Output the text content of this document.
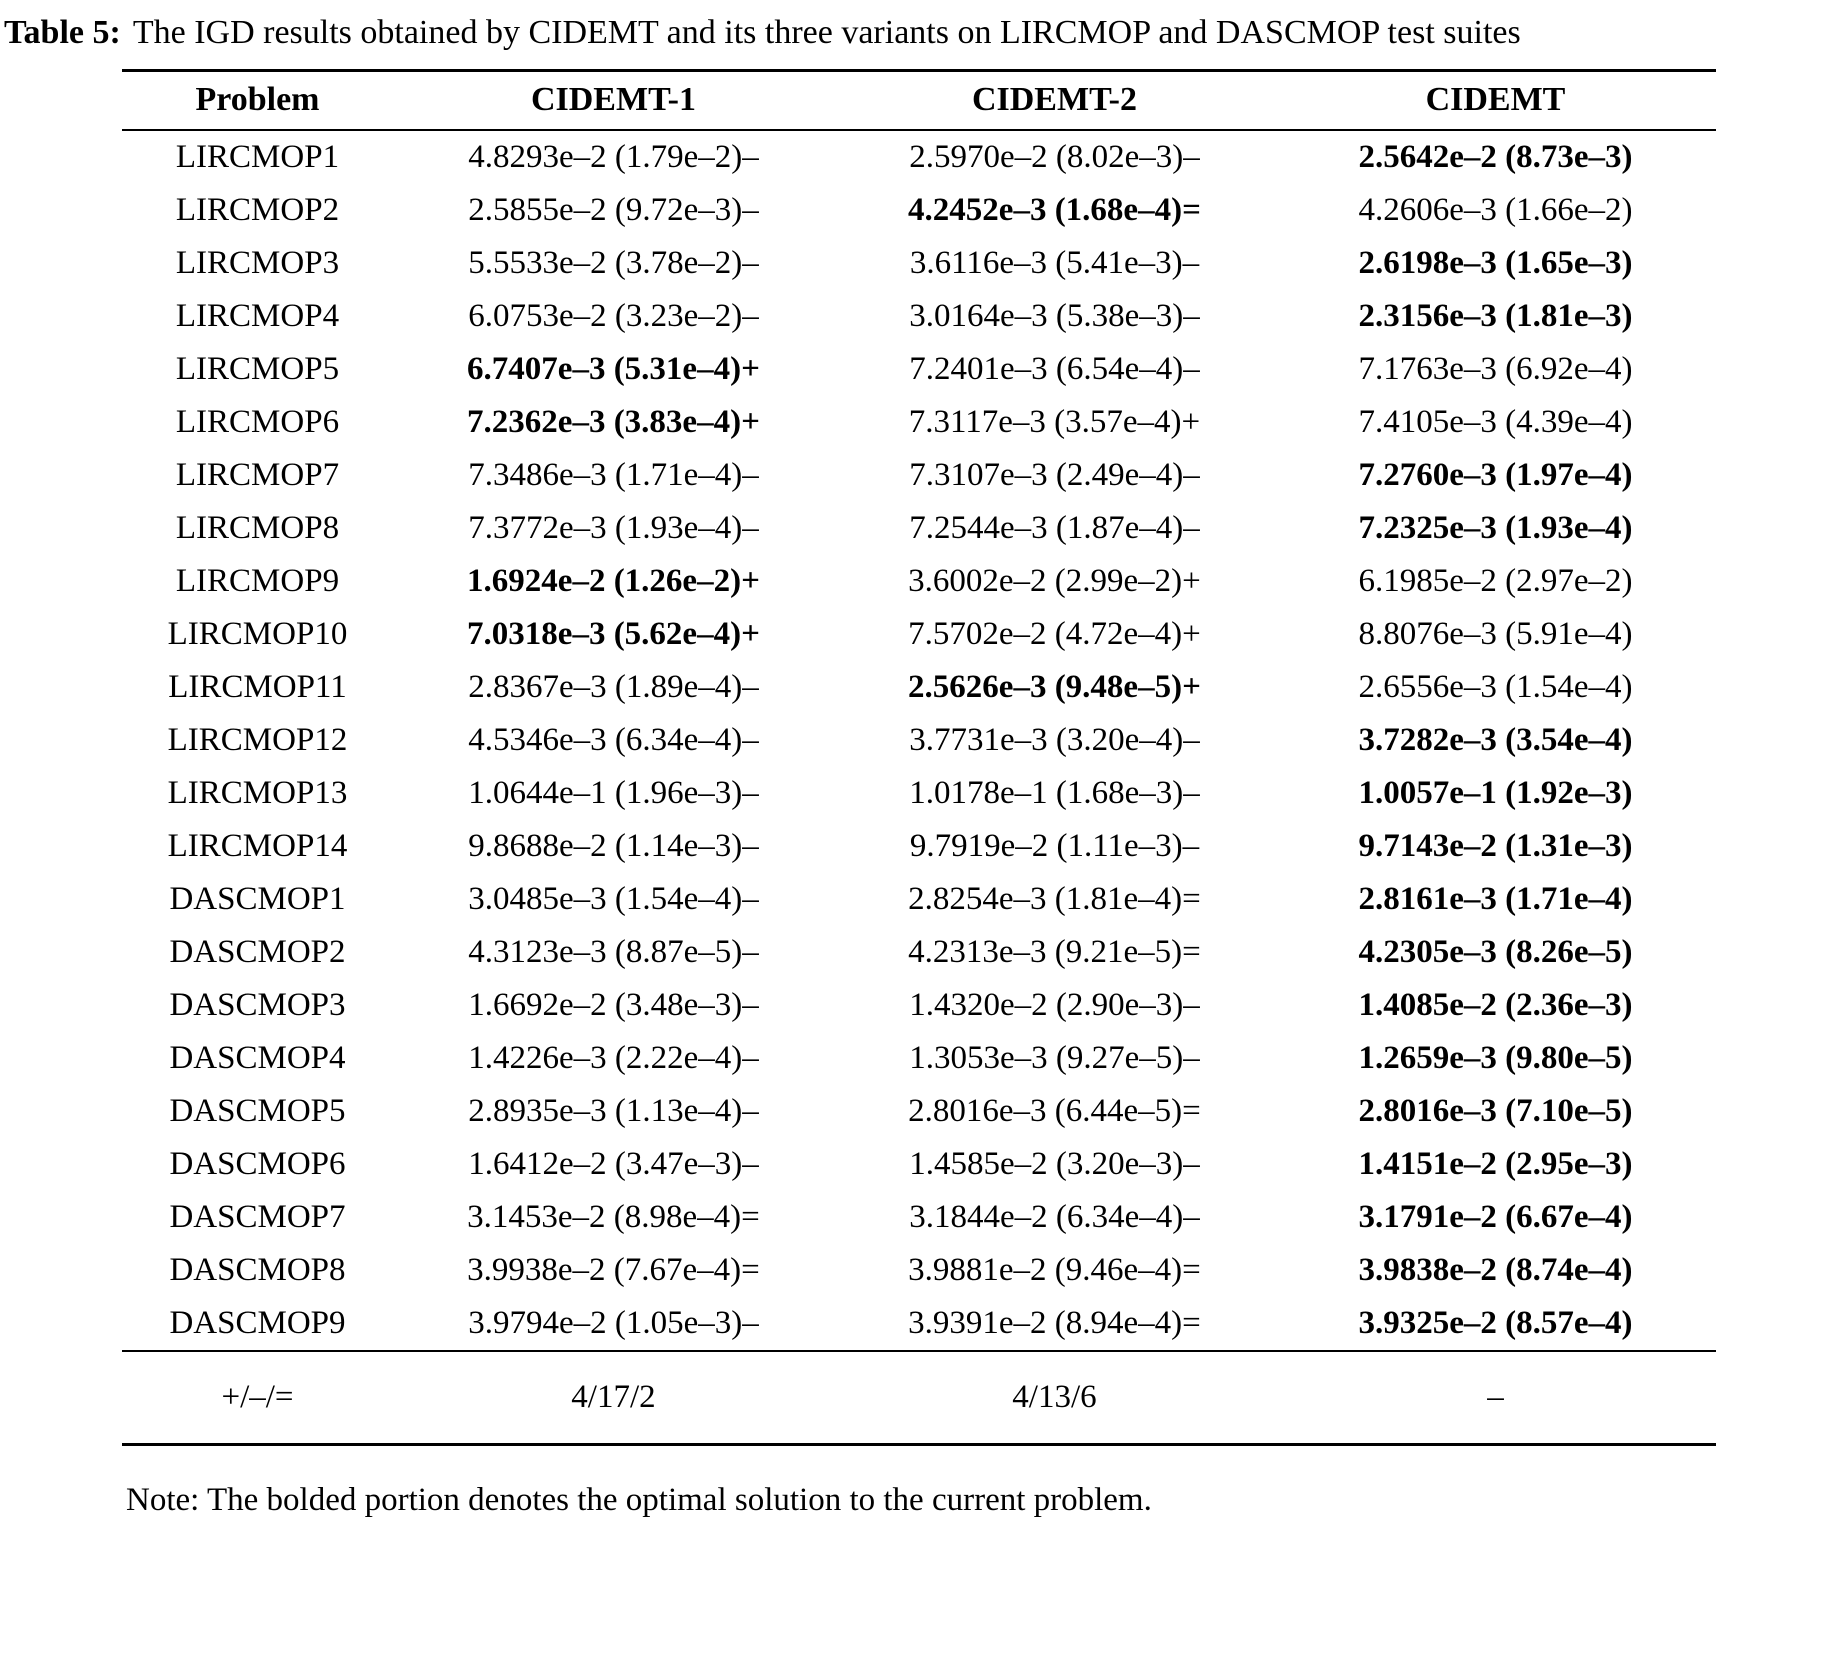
Table 5: The IGD results obtained by CIDEMT and its three variants on LIRCMOP and DASCMOP test suites
Problem	CIDEMT-1	CIDEMT-2	CIDEMT
LIRCMOP1	4.8293e–2 (1.79e–2)–	2.5970e–2 (8.02e–3)–	2.5642e–2 (8.73e–3)
LIRCMOP2	2.5855e–2 (9.72e–3)–	4.2452e–3 (1.68e–4)=	4.2606e–3 (1.66e–2)
LIRCMOP3	5.5533e–2 (3.78e–2)–	3.6116e–3 (5.41e–3)–	2.6198e–3 (1.65e–3)
LIRCMOP4	6.0753e–2 (3.23e–2)–	3.0164e–3 (5.38e–3)–	2.3156e–3 (1.81e–3)
LIRCMOP5	6.7407e–3 (5.31e–4)+	7.2401e–3 (6.54e–4)–	7.1763e–3 (6.92e–4)
LIRCMOP6	7.2362e–3 (3.83e–4)+	7.3117e–3 (3.57e–4)+	7.4105e–3 (4.39e–4)
LIRCMOP7	7.3486e–3 (1.71e–4)–	7.3107e–3 (2.49e–4)–	7.2760e–3 (1.97e–4)
LIRCMOP8	7.3772e–3 (1.93e–4)–	7.2544e–3 (1.87e–4)–	7.2325e–3 (1.93e–4)
LIRCMOP9	1.6924e–2 (1.26e–2)+	3.6002e–2 (2.99e–2)+	6.1985e–2 (2.97e–2)
LIRCMOP10	7.0318e–3 (5.62e–4)+	7.5702e–2 (4.72e–4)+	8.8076e–3 (5.91e–4)
LIRCMOP11	2.8367e–3 (1.89e–4)–	2.5626e–3 (9.48e–5)+	2.6556e–3 (1.54e–4)
LIRCMOP12	4.5346e–3 (6.34e–4)–	3.7731e–3 (3.20e–4)–	3.7282e–3 (3.54e–4)
LIRCMOP13	1.0644e–1 (1.96e–3)–	1.0178e–1 (1.68e–3)–	1.0057e–1 (1.92e–3)
LIRCMOP14	9.8688e–2 (1.14e–3)–	9.7919e–2 (1.11e–3)–	9.7143e–2 (1.31e–3)
DASCMOP1	3.0485e–3 (1.54e–4)–	2.8254e–3 (1.81e–4)=	2.8161e–3 (1.71e–4)
DASCMOP2	4.3123e–3 (8.87e–5)–	4.2313e–3 (9.21e–5)=	4.2305e–3 (8.26e–5)
DASCMOP3	1.6692e–2 (3.48e–3)–	1.4320e–2 (2.90e–3)–	1.4085e–2 (2.36e–3)
DASCMOP4	1.4226e–3 (2.22e–4)–	1.3053e–3 (9.27e–5)–	1.2659e–3 (9.80e–5)
DASCMOP5	2.8935e–3 (1.13e–4)–	2.8016e–3 (6.44e–5)=	2.8016e–3 (7.10e–5)
DASCMOP6	1.6412e–2 (3.47e–3)–	1.4585e–2 (3.20e–3)–	1.4151e–2 (2.95e–3)
DASCMOP7	3.1453e–2 (8.98e–4)=	3.1844e–2 (6.34e–4)–	3.1791e–2 (6.67e–4)
DASCMOP8	3.9938e–2 (7.67e–4)=	3.9881e–2 (9.46e–4)=	3.9838e–2 (8.74e–4)
DASCMOP9	3.9794e–2 (1.05e–3)–	3.9391e–2 (8.94e–4)=	3.9325e–2 (8.57e–4)
+/–/=	4/17/2	4/13/6	–
Note: The bolded portion denotes the optimal solution to the current problem.
